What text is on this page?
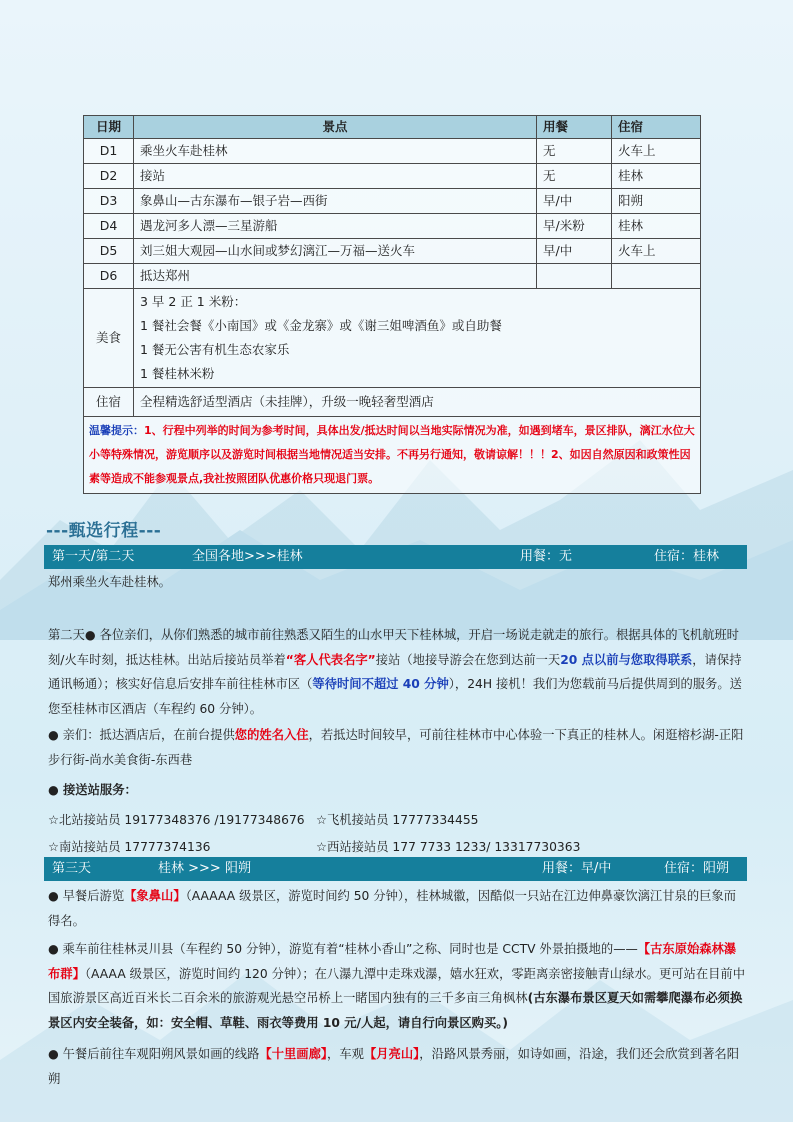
日期	景点	用餐	住宿
D1	乘坐火车赴桂林	无	火车上
D2	接站	无	桂林
D3	象鼻山—古东瀑布—银子岩—西街	早/中	阳朔
D4	遇龙河多人漂—三星游船	早/米粉	桂林
D5	刘三姐大观园—山水间或梦幻漓江—万福—送火车	早/中	火车上
D6	抵达郑州		
美食	3 早 2 正 1 米粉：
1 餐社会餐《小南国》或《金龙寨》或《谢三姐啤酒鱼》或自助餐
1 餐无公害有机生态农家乐
1 餐桂林米粉		

住宿	全程精选舒适型酒店（未挂牌），升级一晚轻奢型酒店		
温馨提示：1、行程中列举的时间为参考时间，具体出发/抵达时间以当地实际情况为准，如遇到堵车，景区排队，漓江水位大小等特殊情况，游览顺序以及游览时间根据当地情况适当安排。不再另行通知，敬请谅解！！！2、如因自然原因和政策性因素等造成不能参观景点,我社按照团队优惠价格只现退门票。			
---甄选行程---
第一天/第二天	全国各地>>>桂林	用餐：无	住宿：桂林
郑州乘坐火车赴桂林。
第二天● 各位亲们，从你们熟悉的城市前往熟悉又陌生的山水甲天下桂林城，开启一场说走就走的旅行。根据具体的飞机航班时刻/火车时刻，抵达桂林。出站后接站员举着“客人代表名字”接站（地接导游会在您到达前一天20 点以前与您取得联系，请保持通讯畅通）；核实好信息后安排车前往桂林市区（等待时间不超过 40 分钟），24H 接机！我们为您载前马后提供周到的服务。送您至桂林市区酒店（车程约 60 分钟）。
● 亲们：抵达酒店后，在前台提供您的姓名入住，若抵达时间较早，可前往桂林市中心体验一下真正的桂林人。闲逛榕杉湖-正阳步行街-尚水美食街-东西巷
● 接送站服务：
☆北站接站员 19177348376 /19177348676 ☆飞机接站员 17777334455
☆南站接站员 17777374136	☆西站接站员 177 7733 1233/ 13317730363
第三天	桂林 >>> 阳朔	用餐：早/中	住宿：阳朔
● 早餐后游览【象鼻山】（AAAAA 级景区，游览时间约 50 分钟），桂林城徽，因酷似一只站在江边伸鼻豪饮漓江甘泉的巨象而得名。
● 乘车前往桂林灵川县（车程约 50 分钟），游览有着“桂林小香山”之称、同时也是 CCTV 外景拍摄地的——【古东原始森林瀑布群】（AAAA 级景区，游览时间约 120 分钟）；在八瀑九潭中走珠戏瀑，嬉水狂欢，零距离亲密接触青山绿水。更可站在目前中国旅游景区高近百米长二百余米的旅游观光悬空吊桥上一睹国内独有的三千多亩三角枫林(古东瀑布景区夏天如需攀爬瀑布必须换景区内安全装备，如：安全帽、草鞋、雨衣等费用 10 元/人起，请自行向景区购买。)
● 午餐后前往车观阳朔风景如画的线路【十里画廊】，车观【月亮山】，沿路风景秀丽，如诗如画，沿途，我们还会欣赏到著名阳朔
